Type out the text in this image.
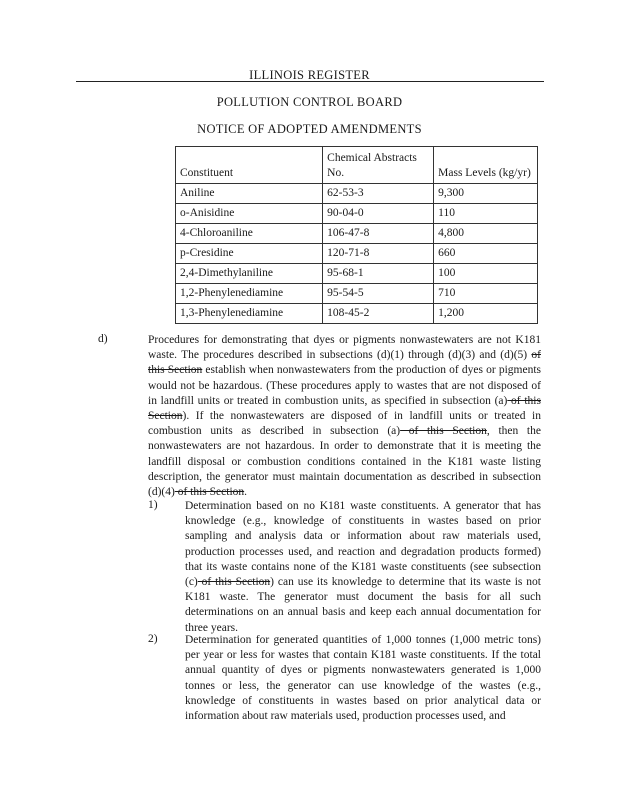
ILLINOIS REGISTER
POLLUTION CONTROL BOARD
NOTICE OF ADOPTED AMENDMENTS
Constituent	Chemical Abstracts No.	Mass Levels (kg/yr)
Aniline	62-53-3	9,300
o-Anisidine	90-04-0	110
4-Chloroaniline	106-47-8	4,800
p-Cresidine	120-71-8	660
2,4-Dimethylaniline	95-68-1	100
1,2-Phenylenediamine	95-54-5	710
1,3-Phenylenediamine	108-45-2	1,200
d)	Procedures for demonstrating that dyes or pigments nonwastewaters are not K181 waste. The procedures described in subsections (d)(1) through (d)(3) and (d)(5) of this Section establish when nonwastewaters from the production of dyes or pigments would not be hazardous. (These procedures apply to wastes that are not disposed of in landfill units or treated in combustion units, as specified in subsection (a) of this Section). If the nonwastewaters are disposed of in landfill units or treated in combustion units as described in subsection (a) of this Section, then the nonwastewaters are not hazardous. In order to demonstrate that it is meeting the landfill disposal or combustion conditions contained in the K181 waste listing description, the generator must maintain documentation as described in subsection (d)(4) of this Section.
1) Determination based on no K181 waste constituents. A generator that has knowledge (e.g., knowledge of constituents in wastes based on prior sampling and analysis data or information about raw materials used, production processes used, and reaction and degradation products formed) that its waste contains none of the K181 waste constituents (see subsection (c) of this Section) can use its knowledge to determine that its waste is not K181 waste. The generator must document the basis for all such determinations on an annual basis and keep each annual documentation for three years.
2) Determination for generated quantities of 1,000 tonnes (1,000 metric tons) per year or less for wastes that contain K181 waste constituents. If the total annual quantity of dyes or pigments nonwastewaters generated is 1,000 tonnes or less, the generator can use knowledge of the wastes (e.g., knowledge of constituents in wastes based on prior analytical data or information about raw materials used, production processes used, and
